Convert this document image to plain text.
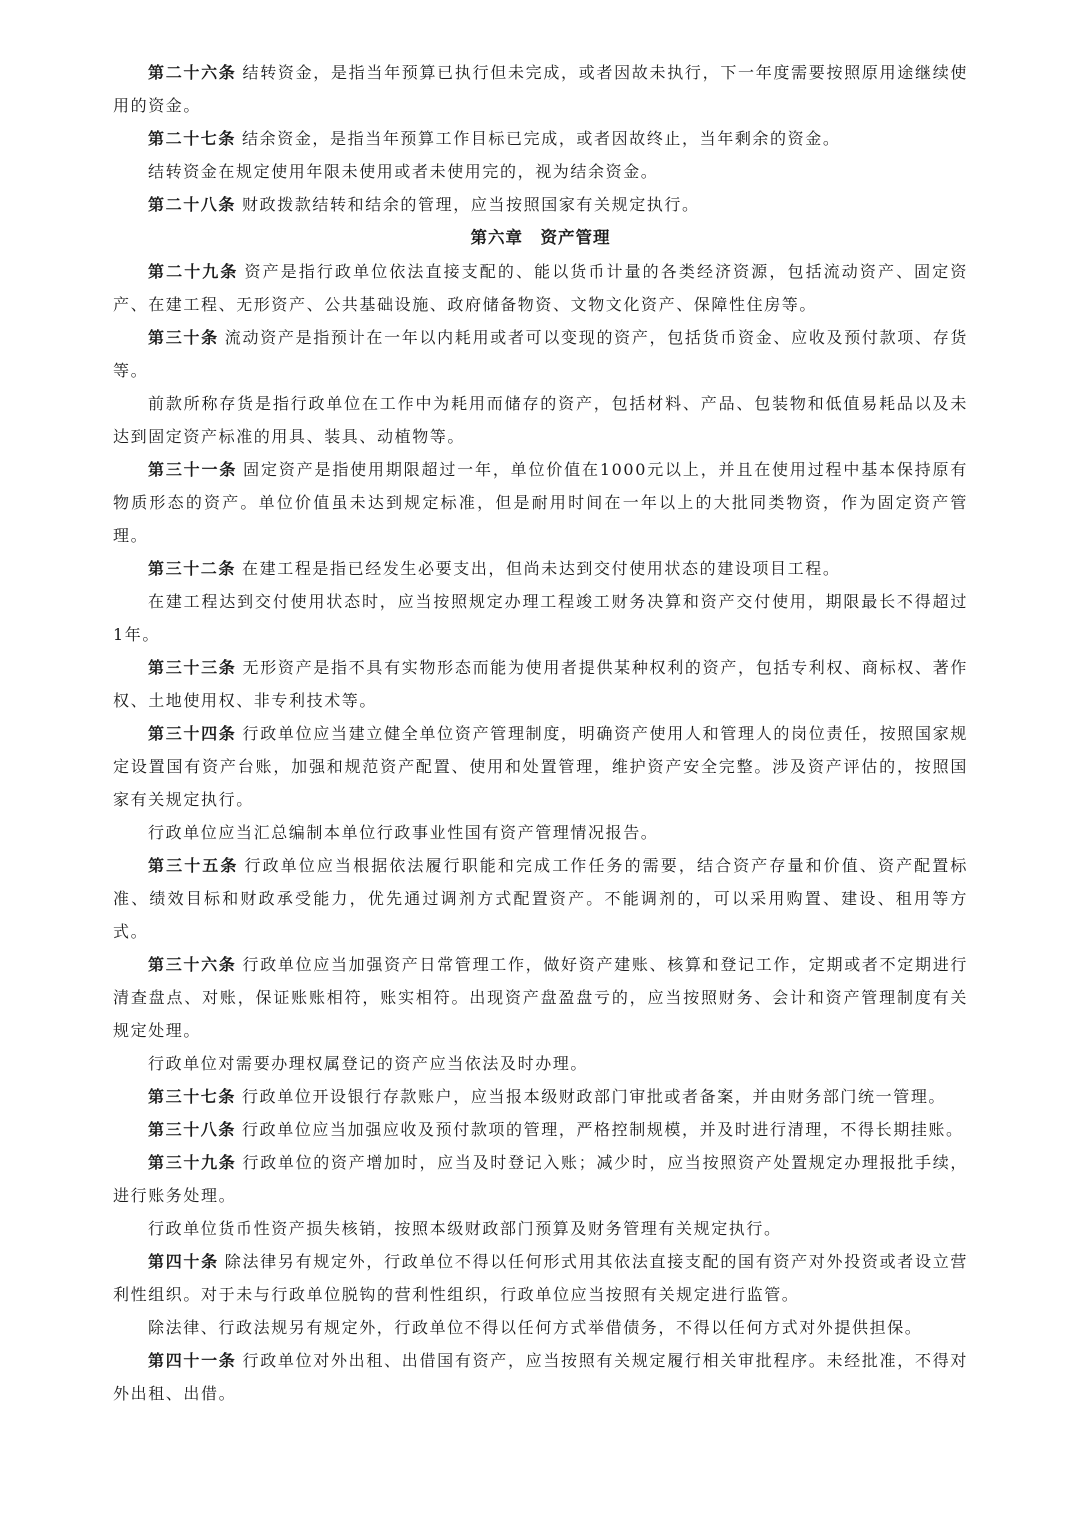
第二十六条 结转资金，是指当年预算已执行但未完成，或者因故未执行，下一年度需要按照原用途继续使用的资金。

第二十七条 结余资金，是指当年预算工作目标已完成，或者因故终止，当年剩余的资金。

结转资金在规定使用年限未使用或者未使用完的，视为结余资金。

第二十八条 财政拨款结转和结余的管理，应当按照国家有关规定执行。

第六章　资产管理

第二十九条 资产是指行政单位依法直接支配的、能以货币计量的各类经济资源，包括流动资产、固定资产、在建工程、无形资产、公共基础设施、政府储备物资、文物文化资产、保障性住房等。

第三十条 流动资产是指预计在一年以内耗用或者可以变现的资产，包括货币资金、应收及预付款项、存货等。

前款所称存货是指行政单位在工作中为耗用而储存的资产，包括材料、产品、包装物和低值易耗品以及未达到固定资产标准的用具、装具、动植物等。

第三十一条 固定资产是指使用期限超过一年，单位价值在1000元以上，并且在使用过程中基本保持原有物质形态的资产。单位价值虽未达到规定标准，但是耐用时间在一年以上的大批同类物资，作为固定资产管理。

第三十二条 在建工程是指已经发生必要支出，但尚未达到交付使用状态的建设项目工程。

在建工程达到交付使用状态时，应当按照规定办理工程竣工财务决算和资产交付使用，期限最长不得超过1年。

第三十三条 无形资产是指不具有实物形态而能为使用者提供某种权利的资产，包括专利权、商标权、著作权、土地使用权、非专利技术等。

第三十四条 行政单位应当建立健全单位资产管理制度，明确资产使用人和管理人的岗位责任，按照国家规定设置国有资产台账，加强和规范资产配置、使用和处置管理，维护资产安全完整。涉及资产评估的，按照国家有关规定执行。

行政单位应当汇总编制本单位行政事业性国有资产管理情况报告。

第三十五条 行政单位应当根据依法履行职能和完成工作任务的需要，结合资产存量和价值、资产配置标准、绩效目标和财政承受能力，优先通过调剂方式配置资产。不能调剂的，可以采用购置、建设、租用等方式。

第三十六条 行政单位应当加强资产日常管理工作，做好资产建账、核算和登记工作，定期或者不定期进行清查盘点、对账，保证账账相符，账实相符。出现资产盘盈盘亏的，应当按照财务、会计和资产管理制度有关规定处理。

行政单位对需要办理权属登记的资产应当依法及时办理。

第三十七条 行政单位开设银行存款账户，应当报本级财政部门审批或者备案，并由财务部门统一管理。

第三十八条 行政单位应当加强应收及预付款项的管理，严格控制规模，并及时进行清理，不得长期挂账。

第三十九条 行政单位的资产增加时，应当及时登记入账；减少时，应当按照资产处置规定办理报批手续，进行账务处理。

行政单位货币性资产损失核销，按照本级财政部门预算及财务管理有关规定执行。

第四十条 除法律另有规定外，行政单位不得以任何形式用其依法直接支配的国有资产对外投资或者设立营利性组织。对于未与行政单位脱钩的营利性组织，行政单位应当按照有关规定进行监管。

除法律、行政法规另有规定外，行政单位不得以任何方式举借债务，不得以任何方式对外提供担保。

第四十一条 行政单位对外出租、出借国有资产，应当按照有关规定履行相关审批程序。未经批准，不得对外出租、出借。
